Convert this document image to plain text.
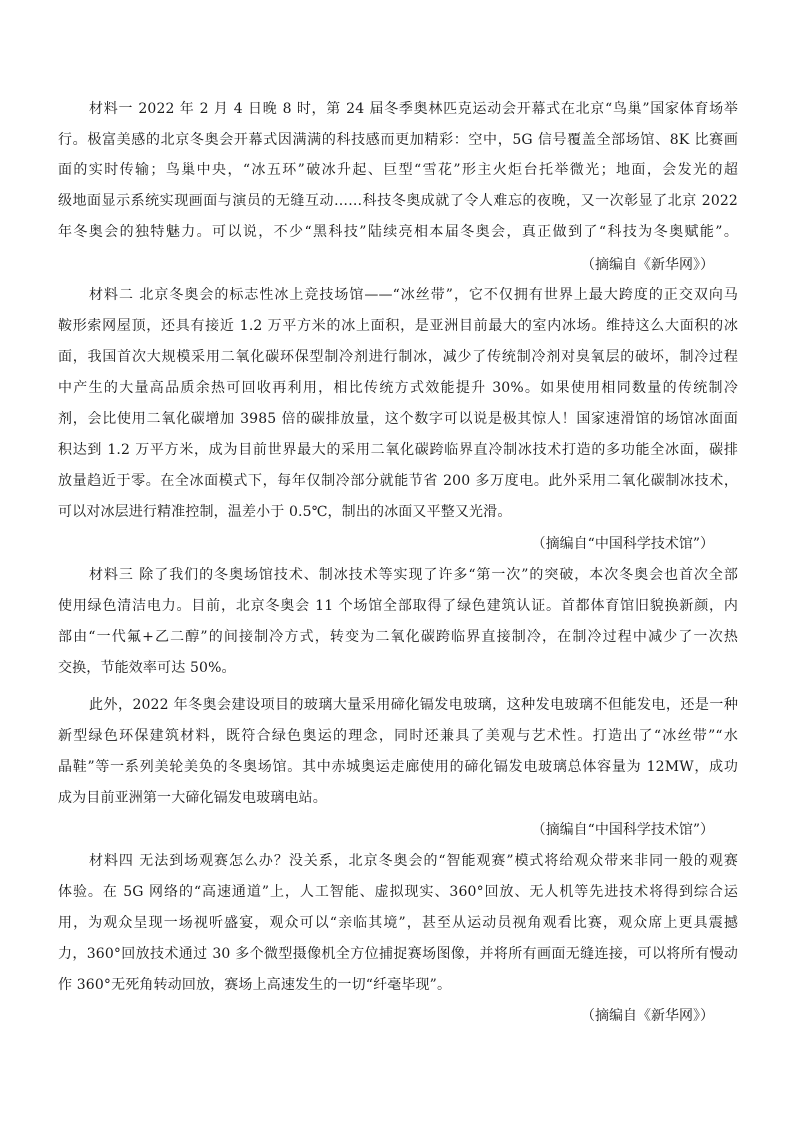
材料一 2022 年 2 月 4 日晚 8 时，第 24 届冬季奥林匹克运动会开幕式在北京“鸟巢”国家体育场举
行。极富美感的北京冬奥会开幕式因满满的科技感而更加精彩：空中，5G 信号覆盖全部场馆、8K 比赛画
面的实时传输；鸟巢中央，“冰五环”破冰升起、巨型“雪花”形主火炬台托举微光；地面，会发光的超
级地面显示系统实现画面与演员的无缝互动……科技冬奥成就了令人难忘的夜晚，又一次彰显了北京 2022
年冬奥会的独特魅力。可以说，不少“黑科技”陆续亮相本届冬奥会，真正做到了“科技为冬奥赋能”。
（摘编自《新华网》）
材料二 北京冬奥会的标志性冰上竞技场馆——“冰丝带”，它不仅拥有世界上最大跨度的正交双向马
鞍形索网屋顶，还具有接近 1.2 万平方米的冰上面积，是亚洲目前最大的室内冰场。维持这么大面积的冰
面，我国首次大规模采用二氧化碳环保型制冷剂进行制冰，减少了传统制冷剂对臭氧层的破坏，制冷过程
中产生的大量高品质余热可回收再利用，相比传统方式效能提升 30%。如果使用相同数量的传统制冷
剂，会比使用二氧化碳增加 3985 倍的碳排放量，这个数字可以说是极其惊人！国家速滑馆的场馆冰面面
积达到 1.2 万平方米，成为目前世界最大的采用二氧化碳跨临界直冷制冰技术打造的多功能全冰面，碳排
放量趋近于零。在全冰面模式下，每年仅制冷部分就能节省 200 多万度电。此外采用二氧化碳制冰技术，
可以对冰层进行精准控制，温差小于 0.5℃，制出的冰面又平整又光滑。
（摘编自“中国科学技术馆”）
材料三 除了我们的冬奥场馆技术、制冰技术等实现了许多“第一次”的突破，本次冬奥会也首次全部
使用绿色清洁电力。目前，北京冬奥会 11 个场馆全部取得了绿色建筑认证。首都体育馆旧貌换新颜，内
部由“一代氟+乙二醇”的间接制冷方式，转变为二氧化碳跨临界直接制冷，在制冷过程中减少了一次热
交换，节能效率可达 50%。
此外，2022 年冬奥会建设项目的玻璃大量采用碲化镉发电玻璃，这种发电玻璃不但能发电，还是一种
新型绿色环保建筑材料，既符合绿色奥运的理念，同时还兼具了美观与艺术性。打造出了“冰丝带”“水
晶鞋”等一系列美轮美奂的冬奥场馆。其中赤城奥运走廊使用的碲化镉发电玻璃总体容量为 12MW，成功
成为目前亚洲第一大碲化镉发电玻璃电站。
（摘编自“中国科学技术馆”）
材料四 无法到场观赛怎么办？没关系，北京冬奥会的“智能观赛”模式将给观众带来非同一般的观赛
体验。在 5G 网络的“高速通道”上，人工智能、虚拟现实、360°回放、无人机等先进技术将得到综合运
用，为观众呈现一场视听盛宴，观众可以“亲临其境”，甚至从运动员视角观看比赛，观众席上更具震撼
力，360°回放技术通过 30 多个微型摄像机全方位捕捉赛场图像，并将所有画面无缝连接，可以将所有慢动
作 360°无死角转动回放，赛场上高速发生的一切“纤毫毕现”。
（摘编自《新华网》）
